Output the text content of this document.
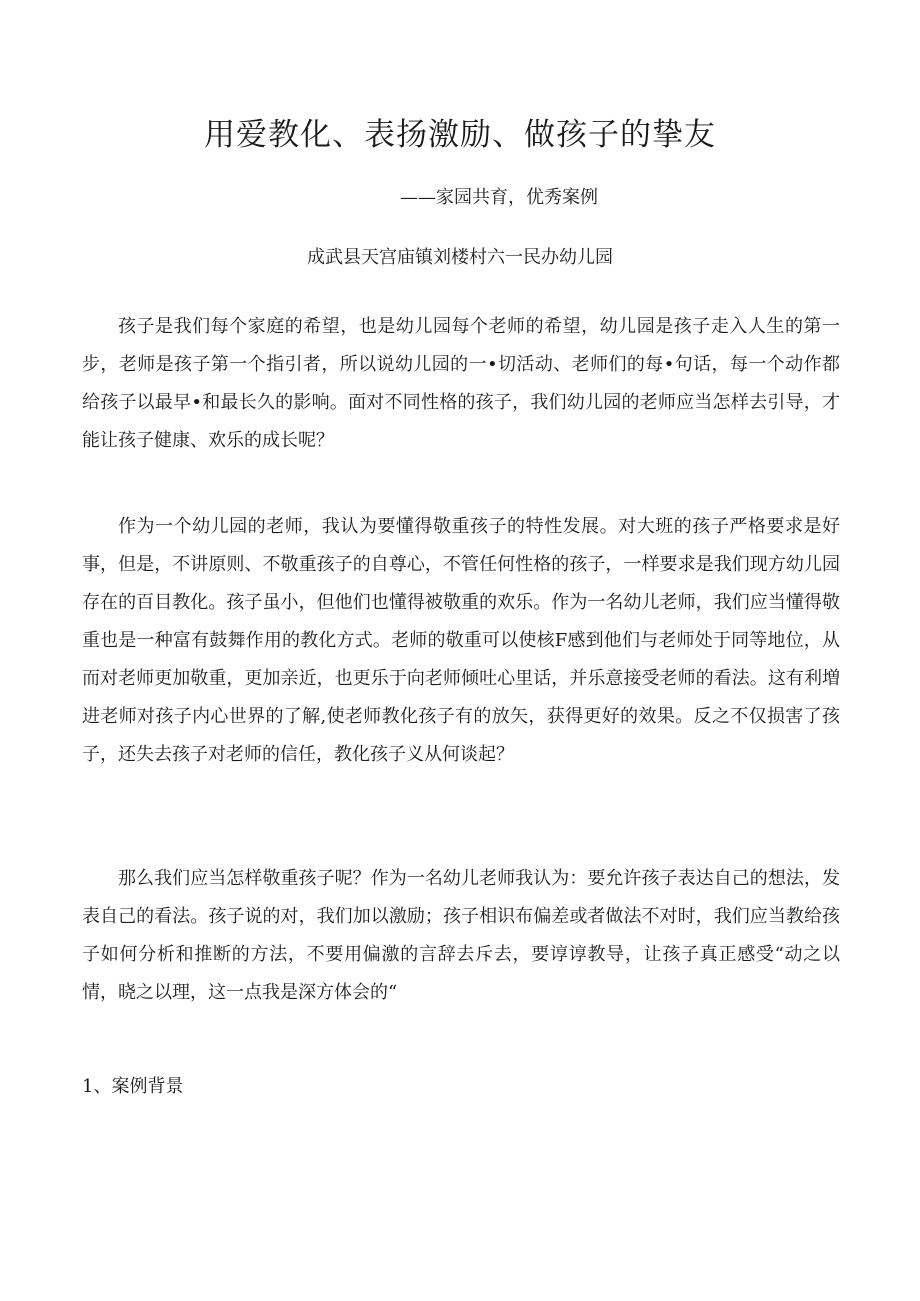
用爱教化、表扬激励、做孩子的挚友
——家园共育，优秀案例
成武县天宫庙镇刘楼村六一民办幼儿园

孩子是我们每个家庭的希望，也是幼儿园每个老师的希望，幼儿园是孩子走入人生的第一步，老师是孩子第一个指引者，所以说幼儿园的一•切活动、老师们的每•句话，每一个动作都给孩子以最早•和最长久的影响。面对不同性格的孩子，我们幼儿园的老师应当怎样去引导，才能让孩子健康、欢乐的成长呢？

作为一个幼儿园的老师，我认为要懂得敬重孩子的特性发展。对大班的孩子严格要求是好事，但是，不讲原则、不敬重孩子的自尊心，不管任何性格的孩子，一样要求是我们现方幼儿园存在的百目教化。孩子虽小，但他们也懂得被敬重的欢乐。作为一名幼儿老师，我们应当懂得敬重也是一种富有鼓舞作用的教化方式。老师的敬重可以使核F感到他们与老师处于同等地位，从而对老师更加敬重，更加亲近，也更乐于向老师倾吐心里话，并乐意接受老师的看法。这有利増进老师对孩子内心世界的了解,使老师教化孩子有的放矢，获得更好的效果。反之不仅损害了孩子，还失去孩子对老师的信任，教化孩子义从何谈起？

那么我们应当怎样敬重孩子呢？作为一名幼儿老师我认为：要允许孩子表达自己的想法，发表自己的看法。孩子说的对，我们加以激励；孩子相识布偏差或者做法不对时，我们应当教给孩子如何分析和推断的方法，不要用偏激的言辞去斥去，要谆谆教导，让孩子真正感受“动之以情，晓之以理，这一点我是深方体会的“

1、案例背景
